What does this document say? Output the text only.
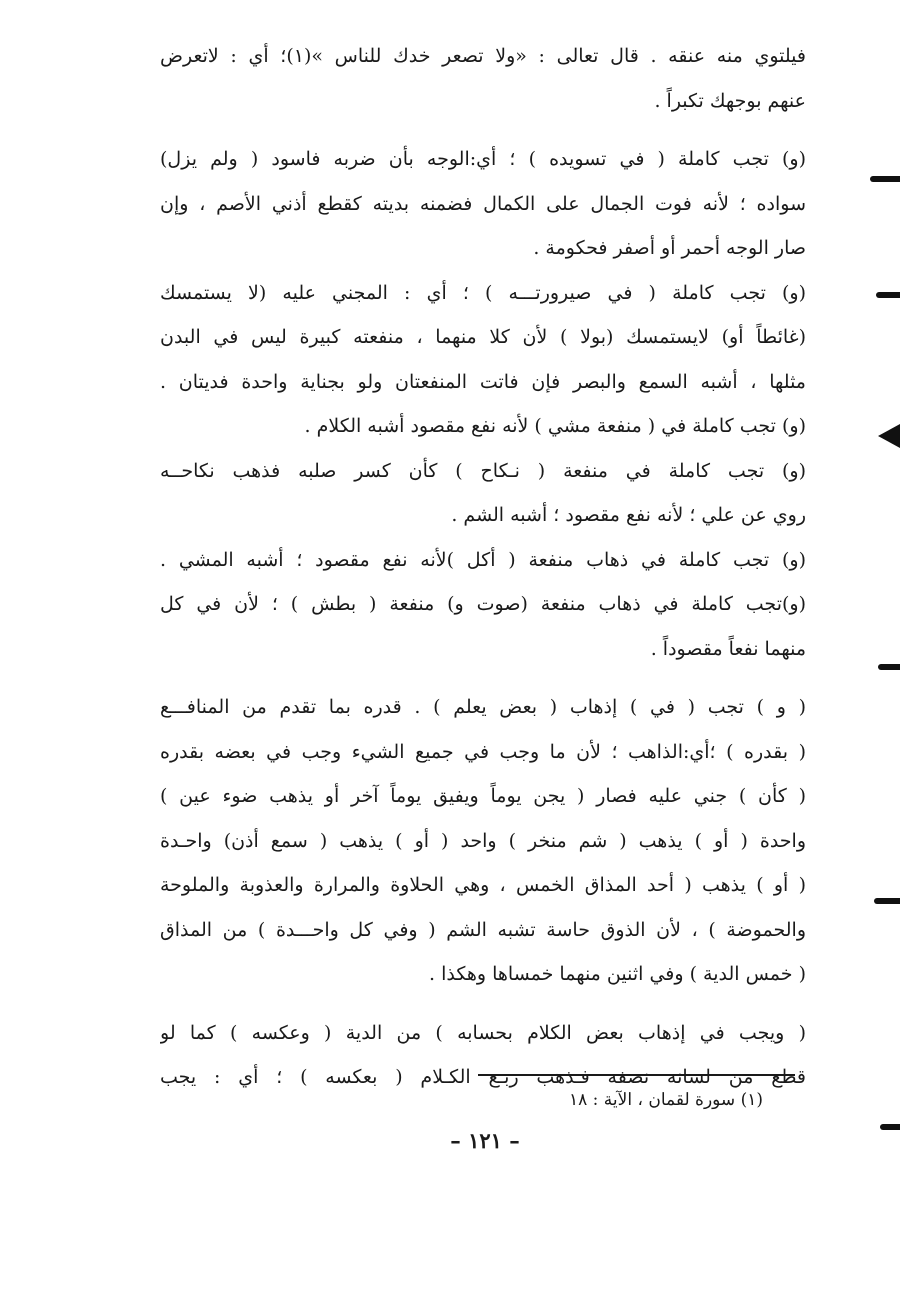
فيلتوي منه عنقه . قال تعالى : «ولا تصعر خدك للناس »(١)؛ أي : لاتعرض
عنهم بوجهك تكبراً .
(و) تجب كاملة ( في تسويده ) ؛ أي:الوجه بأن ضربه فاسود ( ولم يزل)
سواده ؛ لأنه فوت الجمال على الكمال فضمنه بديته كقطع أذني الأصم ، وإن
صار الوجه أحمر أو أصفر فحكومة .
(و) تجب كاملة ( في صيرورتـــه ) ؛ أي : المجني عليه (لا يستمسك
(غائطاً أو) لايستمسك (بولا ) لأن كلا منهما ، منفعته كبيرة ليس في البدن
مثلها ، أشبه السمع والبصر فإن فاتت المنفعتان ولو بجناية واحدة فديتان .
(و) تجب كاملة في ( منفعة مشي ) لأنه نفع مقصود أشبه الكلام .
(و) تجب كاملة في منفعة ( نـكاح ) كأن كسر صلبه فذهب نكاحــه
روي عن علي ؛ لأنه نفع مقصود ؛ أشبه الشم .
(و) تجب كاملة في ذهاب منفعة ( أكل )لأنه نفع مقصود ؛ أشبه المشي .
(و)تجب كاملة في ذهاب منفعة (صوت و) منفعة ( بطش ) ؛ لأن في كل
منهما نفعاً مقصوداً .
( و ) تجب ( في ) إذهاب ( بعض يعلم ) . قدره بما تقدم من المنافـــع
( بقدره ) ؛أي:الذاهب ؛ لأن ما وجب في جميع الشيء وجب في بعضه بقدره
( كأن ) جني عليه فصار ( يجن يوماً ويفيق يوماً آخر أو يذهب ضوء عين )
واحدة ( أو ) يذهب ( شم منخر ) واحد ( أو ) يذهب ( سمع أذن) واحـدة
( أو ) يذهب ( أحد المذاق الخمس ، وهي الحلاوة والمرارة والعذوبة والملوحة
والحموضة ) ، لأن الذوق حاسة تشبه الشم ( وفي كل واحـــدة ) من المذاق
( خمس الدية ) وفي اثنين منهما خمساها وهكذا .
( ويجب في إذهاب بعض الكلام بحسابه ) من الدية ( وعكسه ) كما لو
قطع من لسانه نصفه فـذهب ربـع الكـلام ( بعكسه ) ؛ أي : يجب
(١) سورة لقمان ، الآية : ١٨
– ١٢١ –
